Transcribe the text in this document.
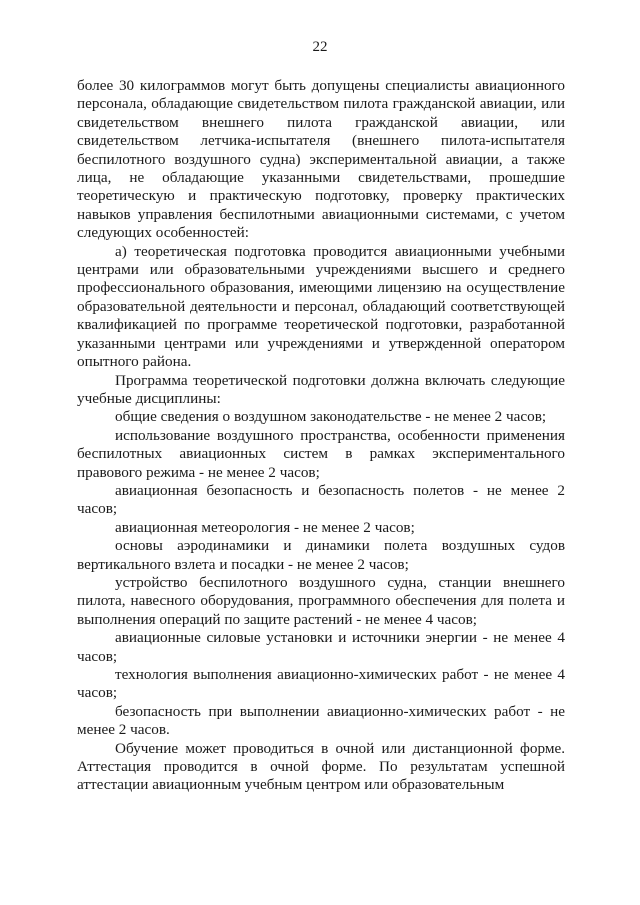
22

более 30 килограммов могут быть допущены специалисты авиационного персонала, обладающие свидетельством пилота гражданской авиации, или свидетельством внешнего пилота гражданской авиации, или свидетельством летчика-испытателя (внешнего пилота-испытателя беспилотного воздушного судна) экспериментальной авиации, а также лица, не обладающие указанными свидетельствами, прошедшие теоретическую и практическую подготовку, проверку практических навыков управления беспилотными авиационными системами, с учетом следующих особенностей:

а) теоретическая подготовка проводится авиационными учебными центрами или образовательными учреждениями высшего и среднего профессионального образования, имеющими лицензию на осуществление образовательной деятельности и персонал, обладающий соответствующей квалификацией по программе теоретической подготовки, разработанной указанными центрами или учреждениями и утвержденной оператором опытного района.

Программа теоретической подготовки должна включать следующие учебные дисциплины:

общие сведения о воздушном законодательстве - не менее 2 часов;

использование воздушного пространства, особенности применения беспилотных авиационных систем в рамках экспериментального правового режима - не менее 2 часов;

авиационная безопасность и безопасность полетов - не менее 2 часов;

авиационная метеорология - не менее 2 часов;

основы аэродинамики и динамики полета воздушных судов вертикального взлета и посадки - не менее 2 часов;

устройство беспилотного воздушного судна, станции внешнего пилота, навесного оборудования, программного обеспечения для полета и выполнения операций по защите растений - не менее 4 часов;

авиационные силовые установки и источники энергии - не менее 4 часов;

технология выполнения авиационно-химических работ - не менее 4 часов;

безопасность при выполнении авиационно-химических работ - не менее 2 часов.

Обучение может проводиться в очной или дистанционной форме. Аттестация проводится в очной форме. По результатам успешной аттестации авиационным учебным центром или образовательным
